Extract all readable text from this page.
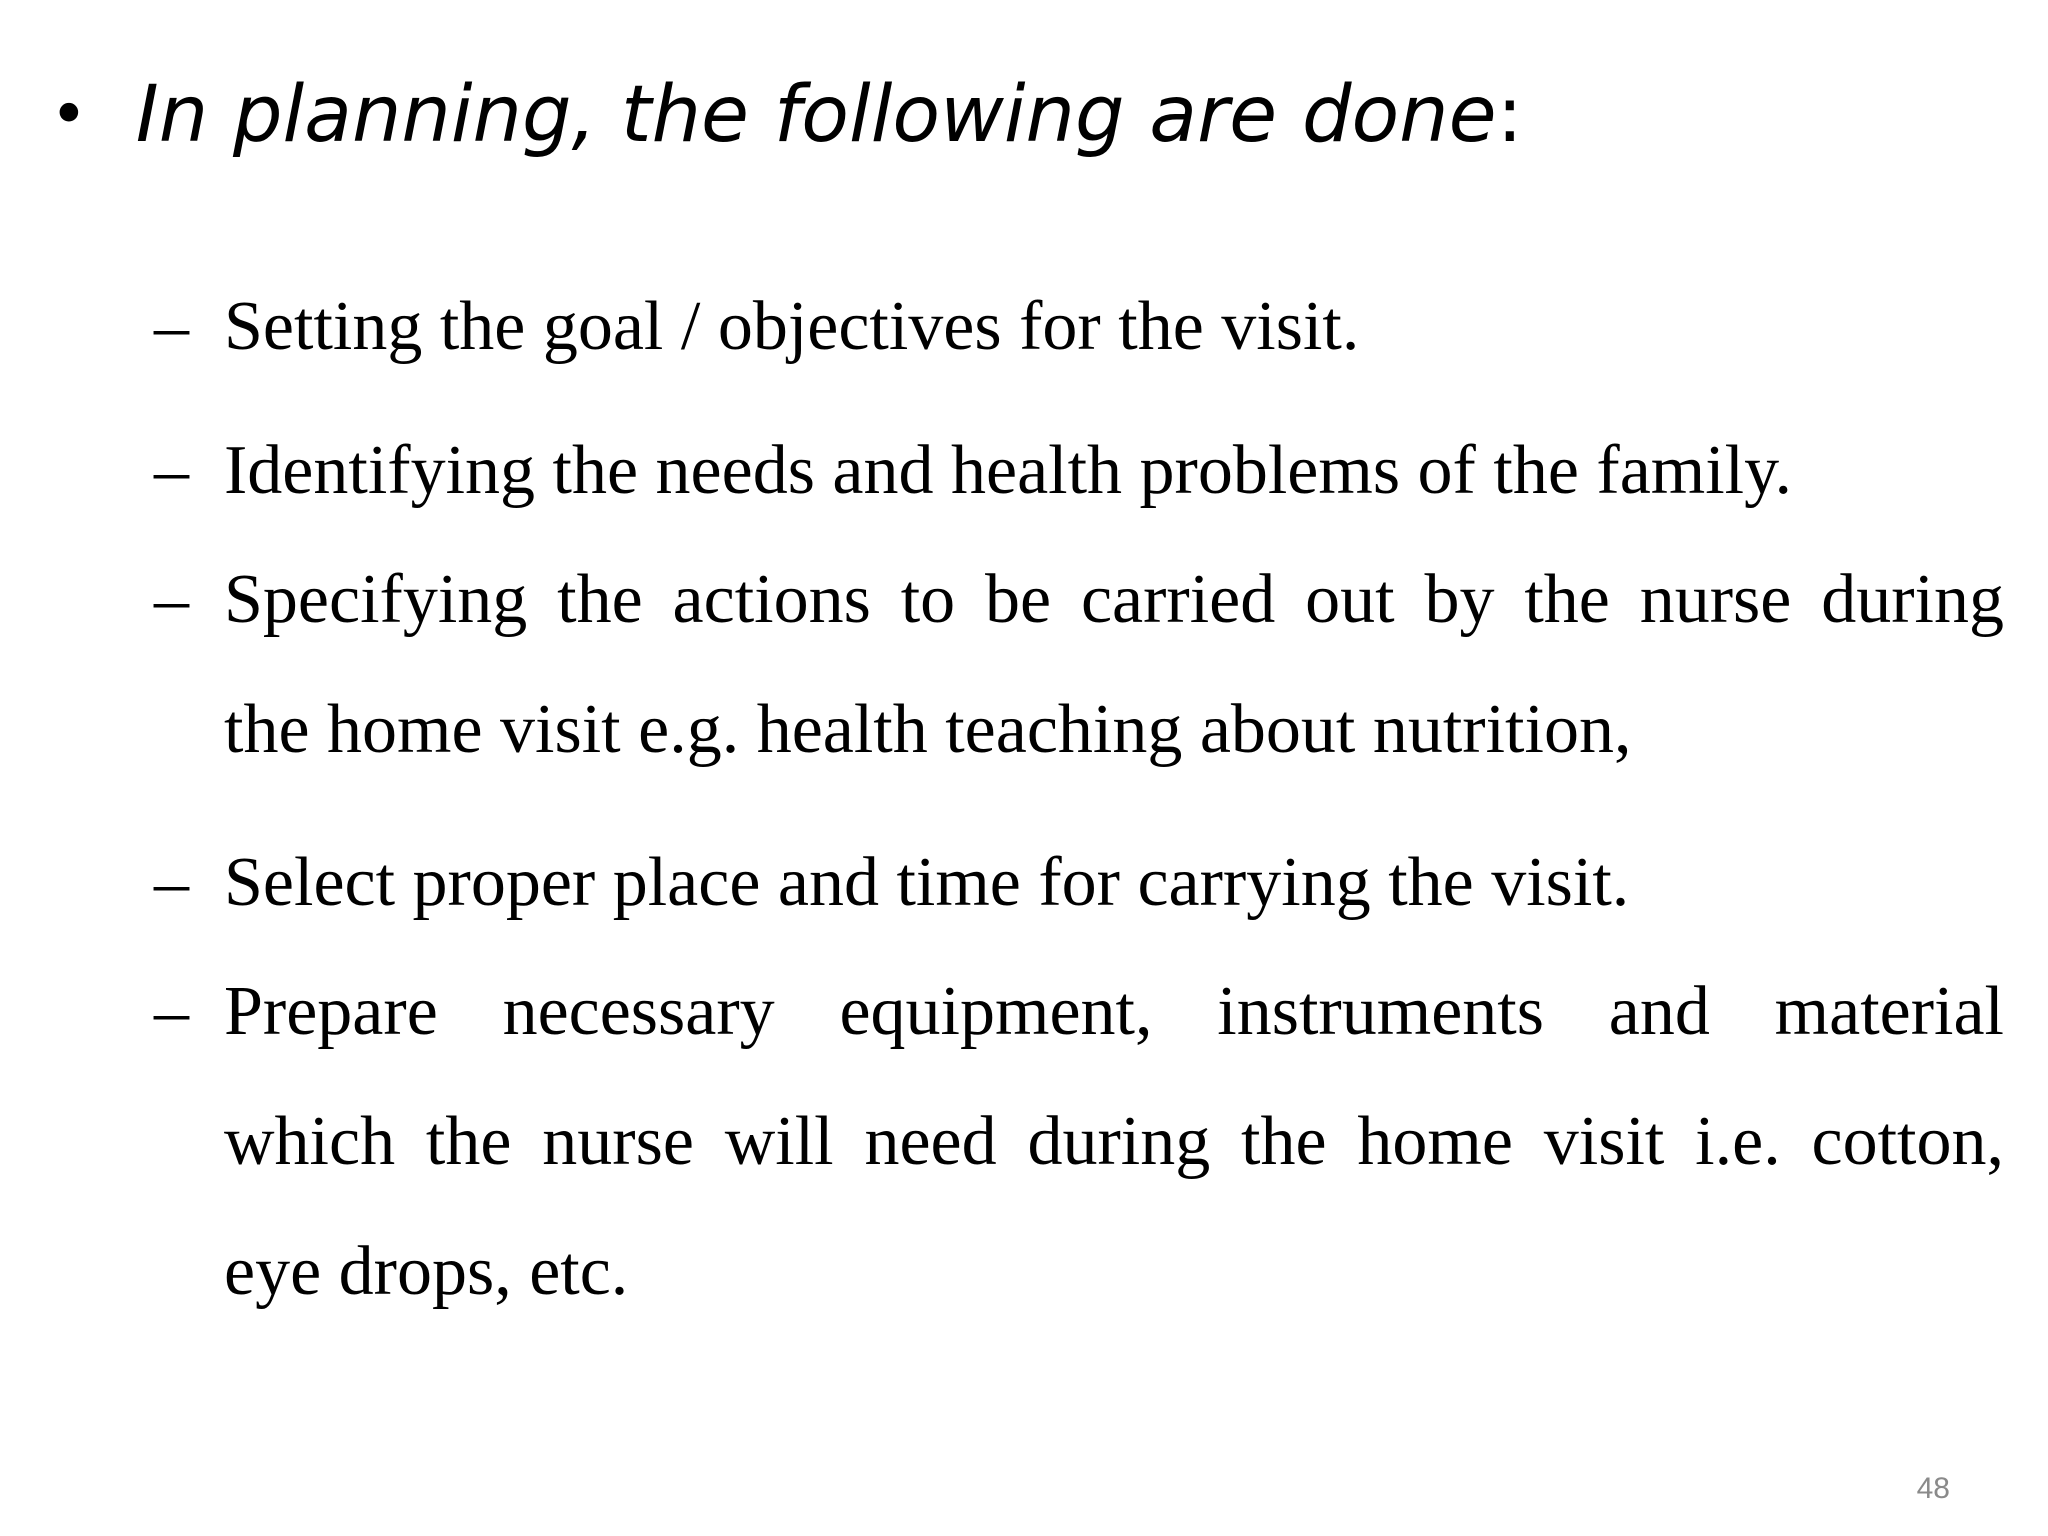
• In planning, the following are done :
– Setting the goal / objectives for the visit.
– Identifying the needs and health problems of the family.
– Specifying the actions to be carried out by the nurse during
the home visit e.g. health teaching about nutrition,
– Select proper place and time for carrying the visit.
– Prepare necessary equipment, instruments and material
which the nurse will need during the home visit i.e. cotton,
eye drops, etc.
48
